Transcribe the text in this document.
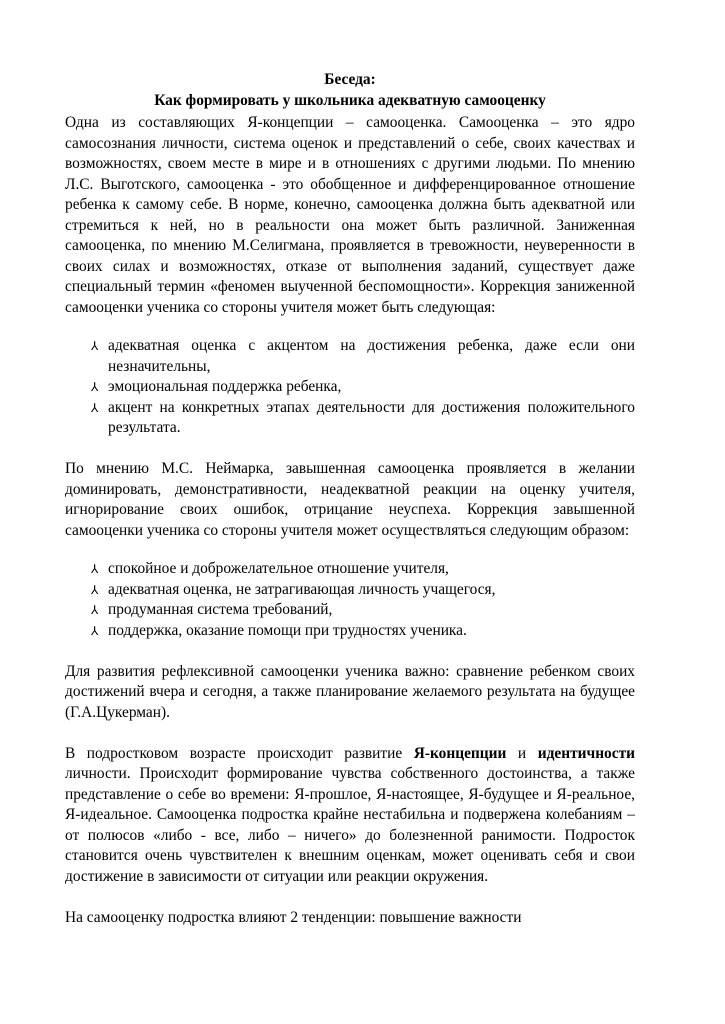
Беседа:

Как формировать у школьника адекватную самооценку

Одна из составляющих Я-концепции – самооценка. Самооценка – это ядро самосознания личности, система оценок и представлений о себе, своих качествах и возможностях, своем месте в мире и в отношениях с другими людьми. По мнению Л.С. Выготского, самооценка - это обобщенное и дифференцированное отношение ребенка к самому себе. В норме, конечно, самооценка должна быть адекватной или стремиться к ней, но в реальности она может быть различной. Заниженная самооценка, по мнению М.Селигмана, проявляется в тревожности, неуверенности в своих силах и возможностях, отказе от выполнения заданий, существует даже специальный термин «феномен выученной беспомощности». Коррекция заниженной самооценки ученика со стороны учителя может быть следующая:

⅄ адекватная оценка с акцентом на достижения ребенка, даже если они незначительны,
⅄ эмоциональная поддержка ребенка,
⅄ акцент на конкретных этапах деятельности для достижения положительного результата.

По мнению М.С. Неймарка, завышенная самооценка проявляется в желании доминировать, демонстративности, неадекватной реакции на оценку учителя, игнорирование своих ошибок, отрицание неуспеха. Коррекция завышенной самооценки ученика со стороны учителя может осуществляться следующим образом:

⅄ спокойное и доброжелательное отношение учителя,
⅄ адекватная оценка, не затрагивающая личность учащегося,
⅄ продуманная система требований,
⅄ поддержка, оказание помощи при трудностях ученика.

Для развития рефлексивной самооценки ученика важно: сравнение ребенком своих достижений вчера и сегодня, а также планирование желаемого результата на будущее (Г.А.Цукерман).

В подростковом возрасте происходит развитие Я-концепции и идентичности личности. Происходит формирование чувства собственного достоинства, а также представление о себе во времени: Я-прошлое, Я-настоящее, Я-будущее и Я-реальное, Я-идеальное. Самооценка подростка крайне нестабильна и подвержена колебаниям – от полюсов «либо - все, либо – ничего» до болезненной ранимости. Подросток становится очень чувствителен к внешним оценкам, может оценивать себя и свои достижение в зависимости от ситуации или реакции окружения.

На самооценку подростка влияют 2 тенденции: повышение важности
